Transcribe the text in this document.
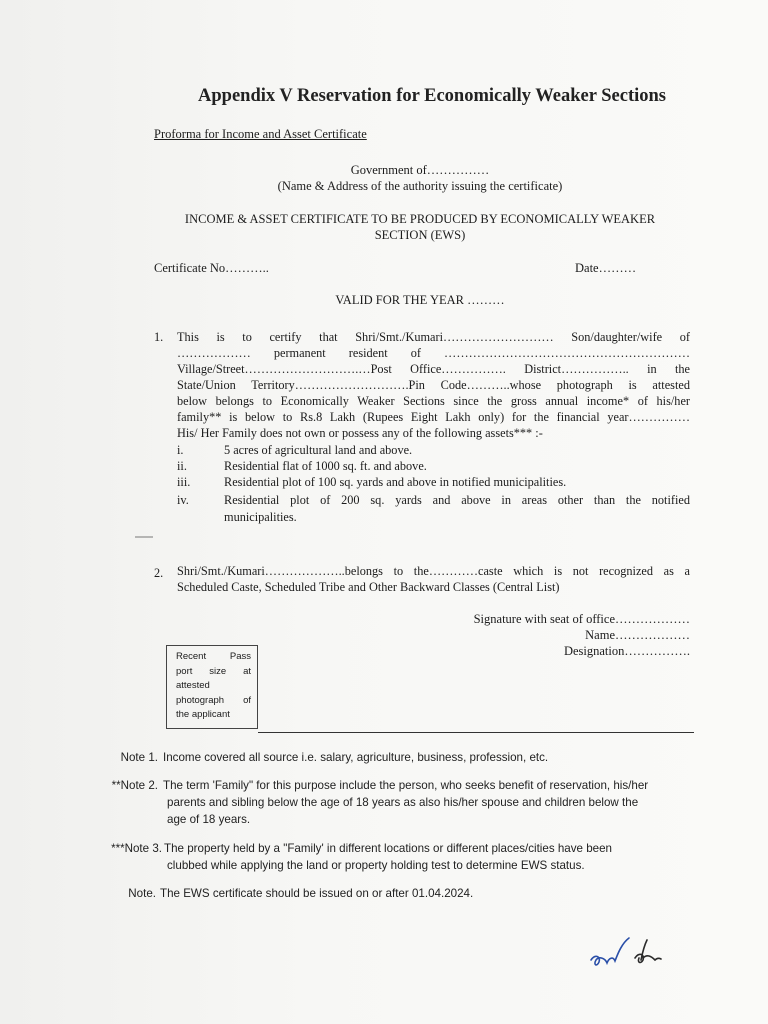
Appendix V Reservation for Economically Weaker Sections
Proforma for Income and Asset Certificate
Government of……………
(Name & Address of the authority issuing the certificate)
INCOME & ASSET CERTIFICATE TO BE PRODUCED BY ECONOMICALLY WEAKER
SECTION (EWS)
Certificate No………..	Date………
VALID FOR THE YEAR ………
1.	This is to certify that Shri/Smt./Kumari……………………… Son/daughter/wife of
……………… permanent resident of ……………………………………………………
Village/Street……………………….…Post Office……………. District…………….. in the
State/Union Territory……………………….Pin Code………..whose photograph is attested
below belongs to Economically Weaker Sections since the gross annual income* of his/her
family** is below to Rs.8 Lakh (Rupees Eight Lakh only) for the financial year……………
His/ Her Family does not own or possess any of the following assets*** :-
i.	5 acres of agricultural land and above.
ii.	Residential flat of 1000 sq. ft. and above.
iii.	Residential plot of 100 sq. yards and above in notified municipalities.
iv.	Residential plot of 200 sq. yards and above in areas other than the notified
municipalities.
2.	Shri/Smt./Kumari………………..belongs to the…………caste which is not recognized as a
Scheduled Caste, Scheduled Tribe and Other Backward Classes (Central List)
Signature with seat of office………………
Name………………
Designation…………….
Recent	Pass
port size at
attested
photograph of
the applicant
Note 1. Income covered all source i.e. salary, agriculture, business, profession, etc.
**Note 2. The term 'Family" for this purpose include the person, who seeks benefit of reservation, his/her
parents and sibling below the age of 18 years as also his/her spouse and children below the
age of 18 years.
***Note 3. The property held by a "Family' in different locations or different places/cities have been
clubbed while applying the land or property holding test to determine EWS status.
Note. The EWS certificate should be issued on or after 01.04.2024.
